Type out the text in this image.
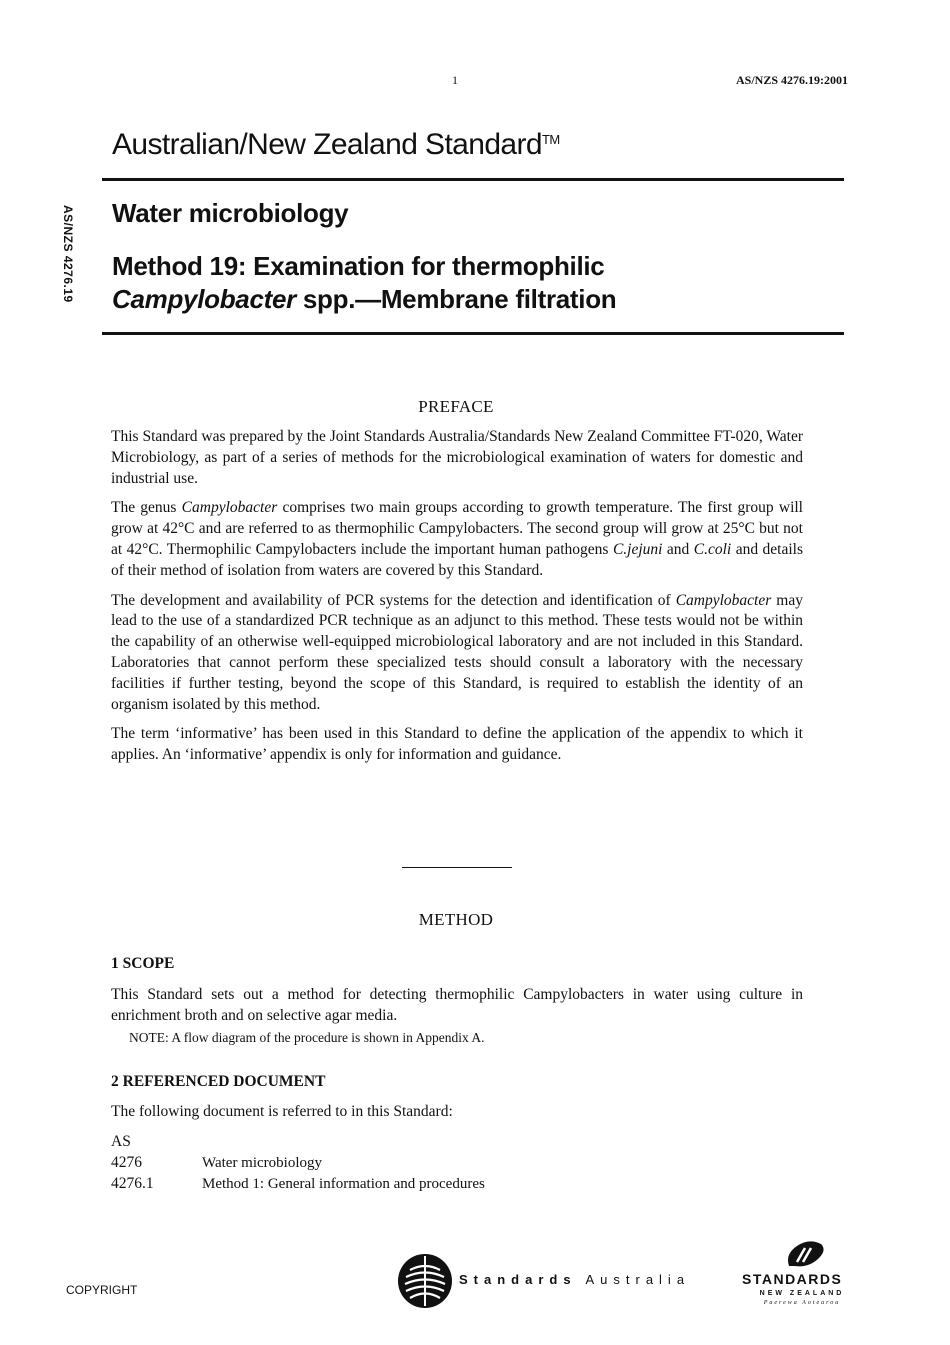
1	AS/NZS 4276.19:2001
AS/NZS 4276.19
Australian/New Zealand Standard™
Water microbiology
Method 19: Examination for thermophilic
Campylobacter spp.—Membrane filtration
PREFACE

This Standard was prepared by the Joint Standards Australia/Standards New Zealand Committee FT-020, Water Microbiology, as part of a series of methods for the microbiological examination of waters for domestic and industrial use.

The genus Campylobacter comprises two main groups according to growth temperature. The first group will grow at 42°C and are referred to as thermophilic Campylobacters. The second group will grow at 25°C but not at 42°C. Thermophilic Campylobacters include the important human pathogens C.jejuni and C.coli and details of their method of isolation from waters are covered by this Standard.

The development and availability of PCR systems for the detection and identification of Campylobacter may lead to the use of a standardized PCR technique as an adjunct to this method. These tests would not be within the capability of an otherwise well-equipped microbiological laboratory and are not included in this Standard. Laboratories that cannot perform these specialized tests should consult a laboratory with the necessary facilities if further testing, beyond the scope of this Standard, is required to establish the identity of an organism isolated by this method.

The term ‘informative’ has been used in this Standard to define the application of the appendix to which it applies. An ‘informative’ appendix is only for information and guidance.

METHOD
1 SCOPE

This Standard sets out a method for detecting thermophilic Campylobacters in water using culture in enrichment broth and on selective agar media.

NOTE: A flow diagram of the procedure is shown in Appendix A.
2 REFERENCED DOCUMENT
The following document is referred to in this Standard:
AS
4276	Water microbiology
4276.1	Method 1: General information and procedures
COPYRIGHT
Standards Australia	STANDARDS
NEW ZEALAND
Paerewa Aotearoa
